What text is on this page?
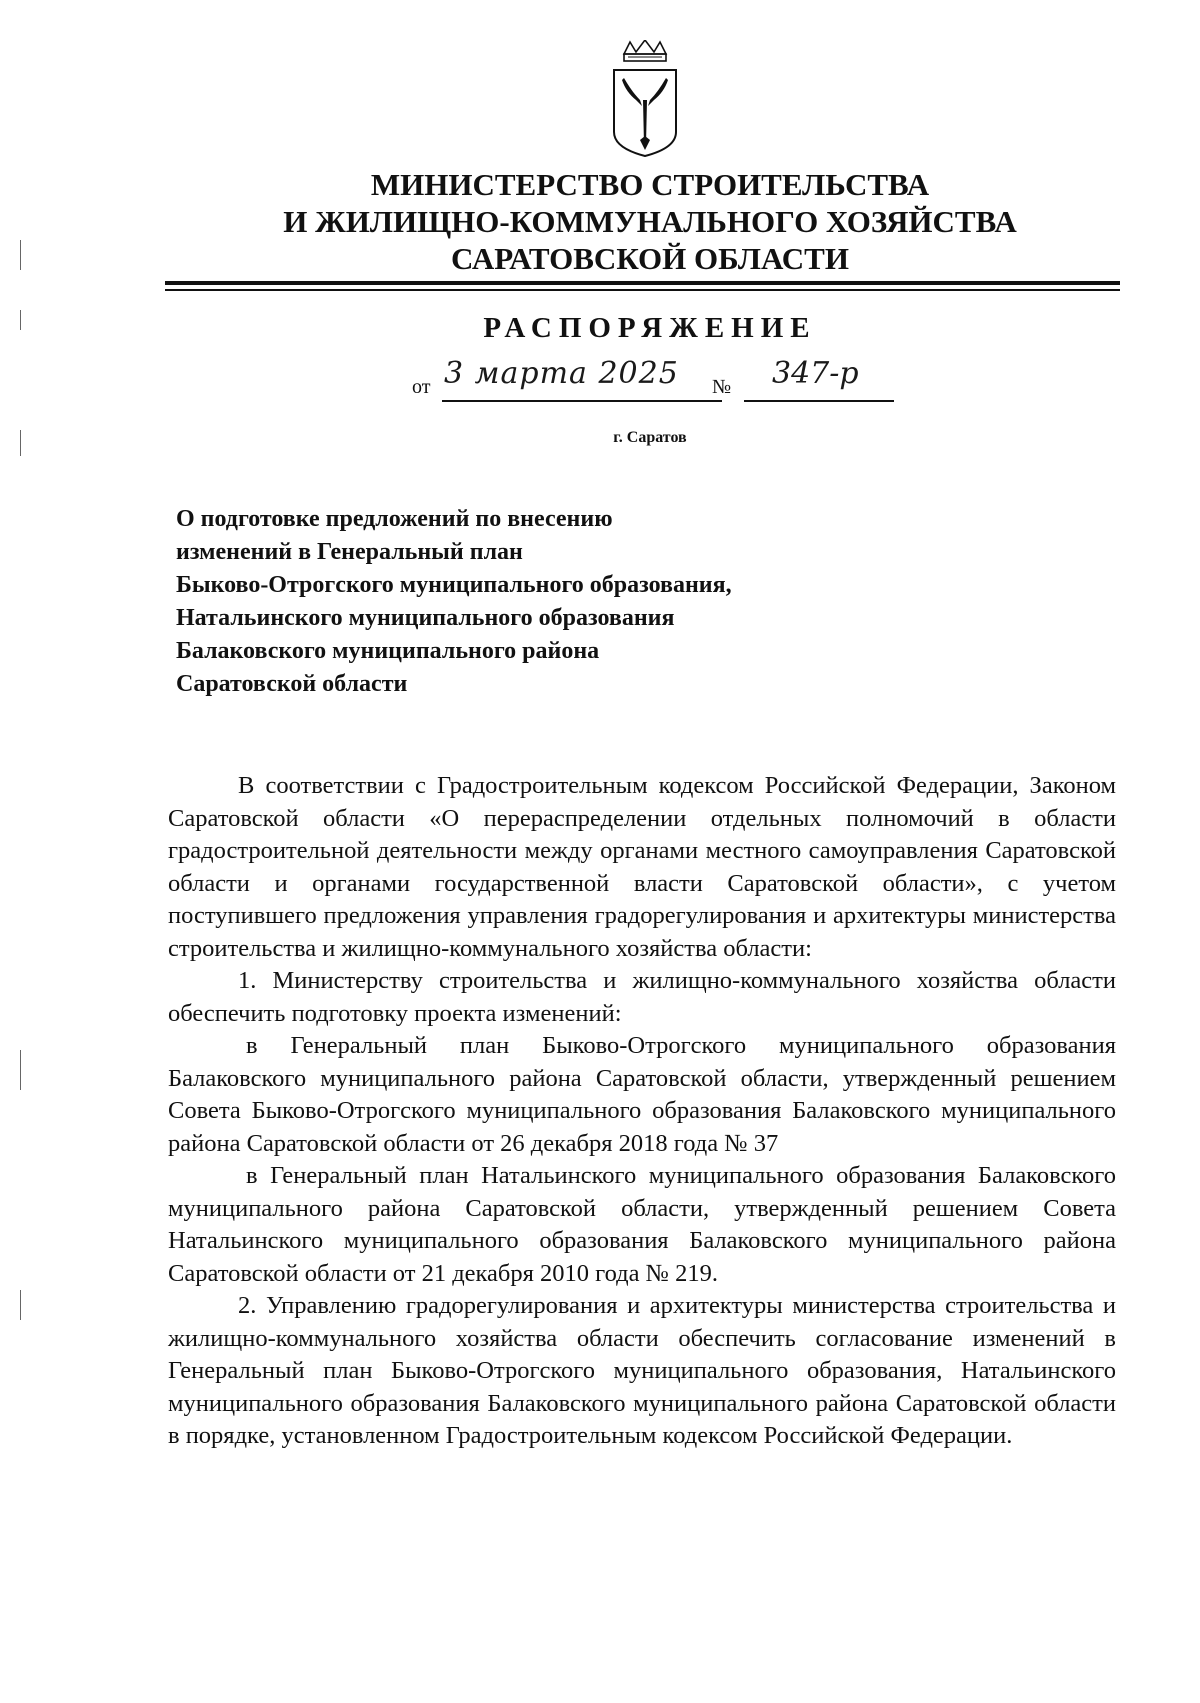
МИНИСТЕРСТВО СТРОИТЕЛЬСТВА
И ЖИЛИЩНО-КОММУНАЛЬНОГО ХОЗЯЙСТВА
САРАТОВСКОЙ ОБЛАСТИ
РАСПОРЯЖЕНИЕ
от 3 марта 2025	№ 347-р
г. Саратов
О подготовке предложений по внесению
изменений в Генеральный план
Быково-Отрогского муниципального образования,
Натальинского муниципального образования
Балаковского муниципального района
Саратовской области

В соответствии с Градостроительным кодексом Российской Федерации, Законом Саратовской области «О перераспределении отдельных полномочий в области градостроительной деятельности между органами местного самоуправления Саратовской области и органами государственной власти Саратовской области», с учетом поступившего предложения управления градорегулирования и архитектуры министерства строительства и жилищно-коммунального хозяйства области:

1. Министерству строительства и жилищно-коммунального хозяйства области обеспечить подготовку проекта изменений:

в Генеральный план Быково-Отрогского муниципального образования Балаковского муниципального района Саратовской области, утвержденный решением Совета Быково-Отрогского муниципального образования Балаковского муниципального района Саратовской области от 26 декабря 2018 года № 37

в Генеральный план Натальинского муниципального образования Балаковского муниципального района Саратовской области, утвержденный решением Совета Натальинского муниципального образования Балаковского муниципального района Саратовской области от 21 декабря 2010 года № 219.

2. Управлению градорегулирования и архитектуры министерства строительства и жилищно-коммунального хозяйства области обеспечить согласование изменений в Генеральный план Быково-Отрогского муниципального образования, Натальинского муниципального образования Балаковского муниципального района Саратовской области в порядке, установленном Градостроительным кодексом Российской Федерации.
